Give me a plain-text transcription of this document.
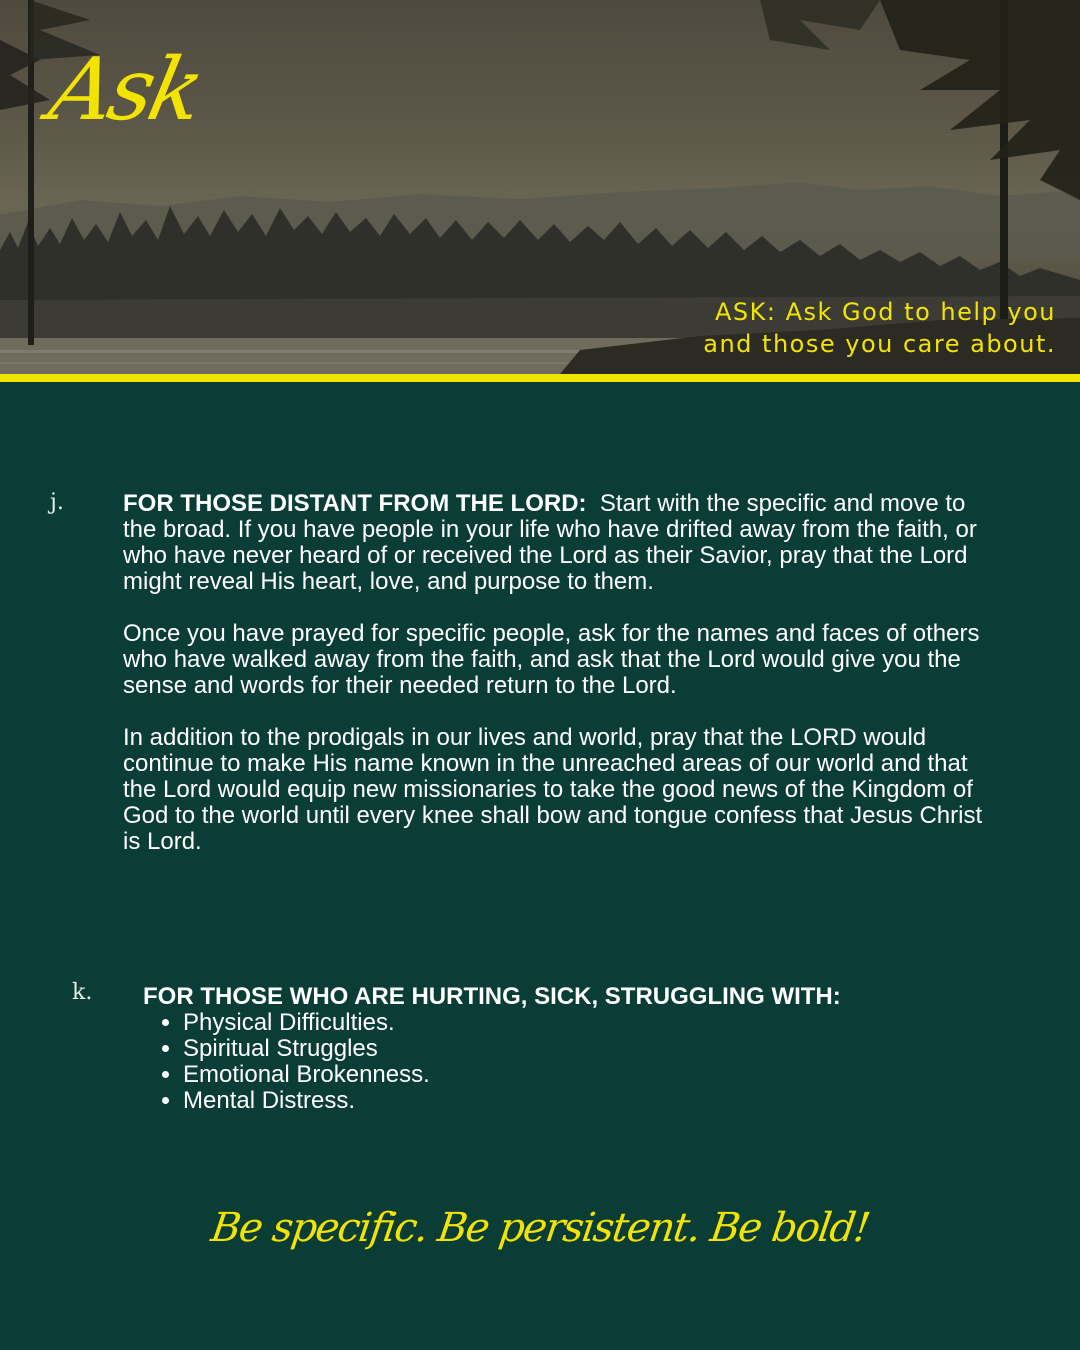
Ask
ASK: Ask God to help you
and those you care about.
j. FOR THOSE DISTANT FROM THE LORD: Start with the specific and move to the broad. If you have people in your life who have drifted away from the faith, or who have never heard of or received the Lord as their Savior, pray that the Lord might reveal His heart, love, and purpose to them.

Once you have prayed for specific people, ask for the names and faces of others who have walked away from the faith, and ask that the Lord would give you the sense and words for their needed return to the Lord.

In addition to the prodigals in our lives and world, pray that the LORD would continue to make His name known in the unreached areas of our world and that the Lord would equip new missionaries to take the good news of the Kingdom of God to the world until every knee shall bow and tongue confess that Jesus Christ is Lord.

k. FOR THOSE WHO ARE HURTING, SICK, STRUGGLING WITH:
• Physical Difficulties.
• Spiritual Struggles
• Emotional Brokenness.
• Mental Distress.
Be specific. Be persistent. Be bold!
